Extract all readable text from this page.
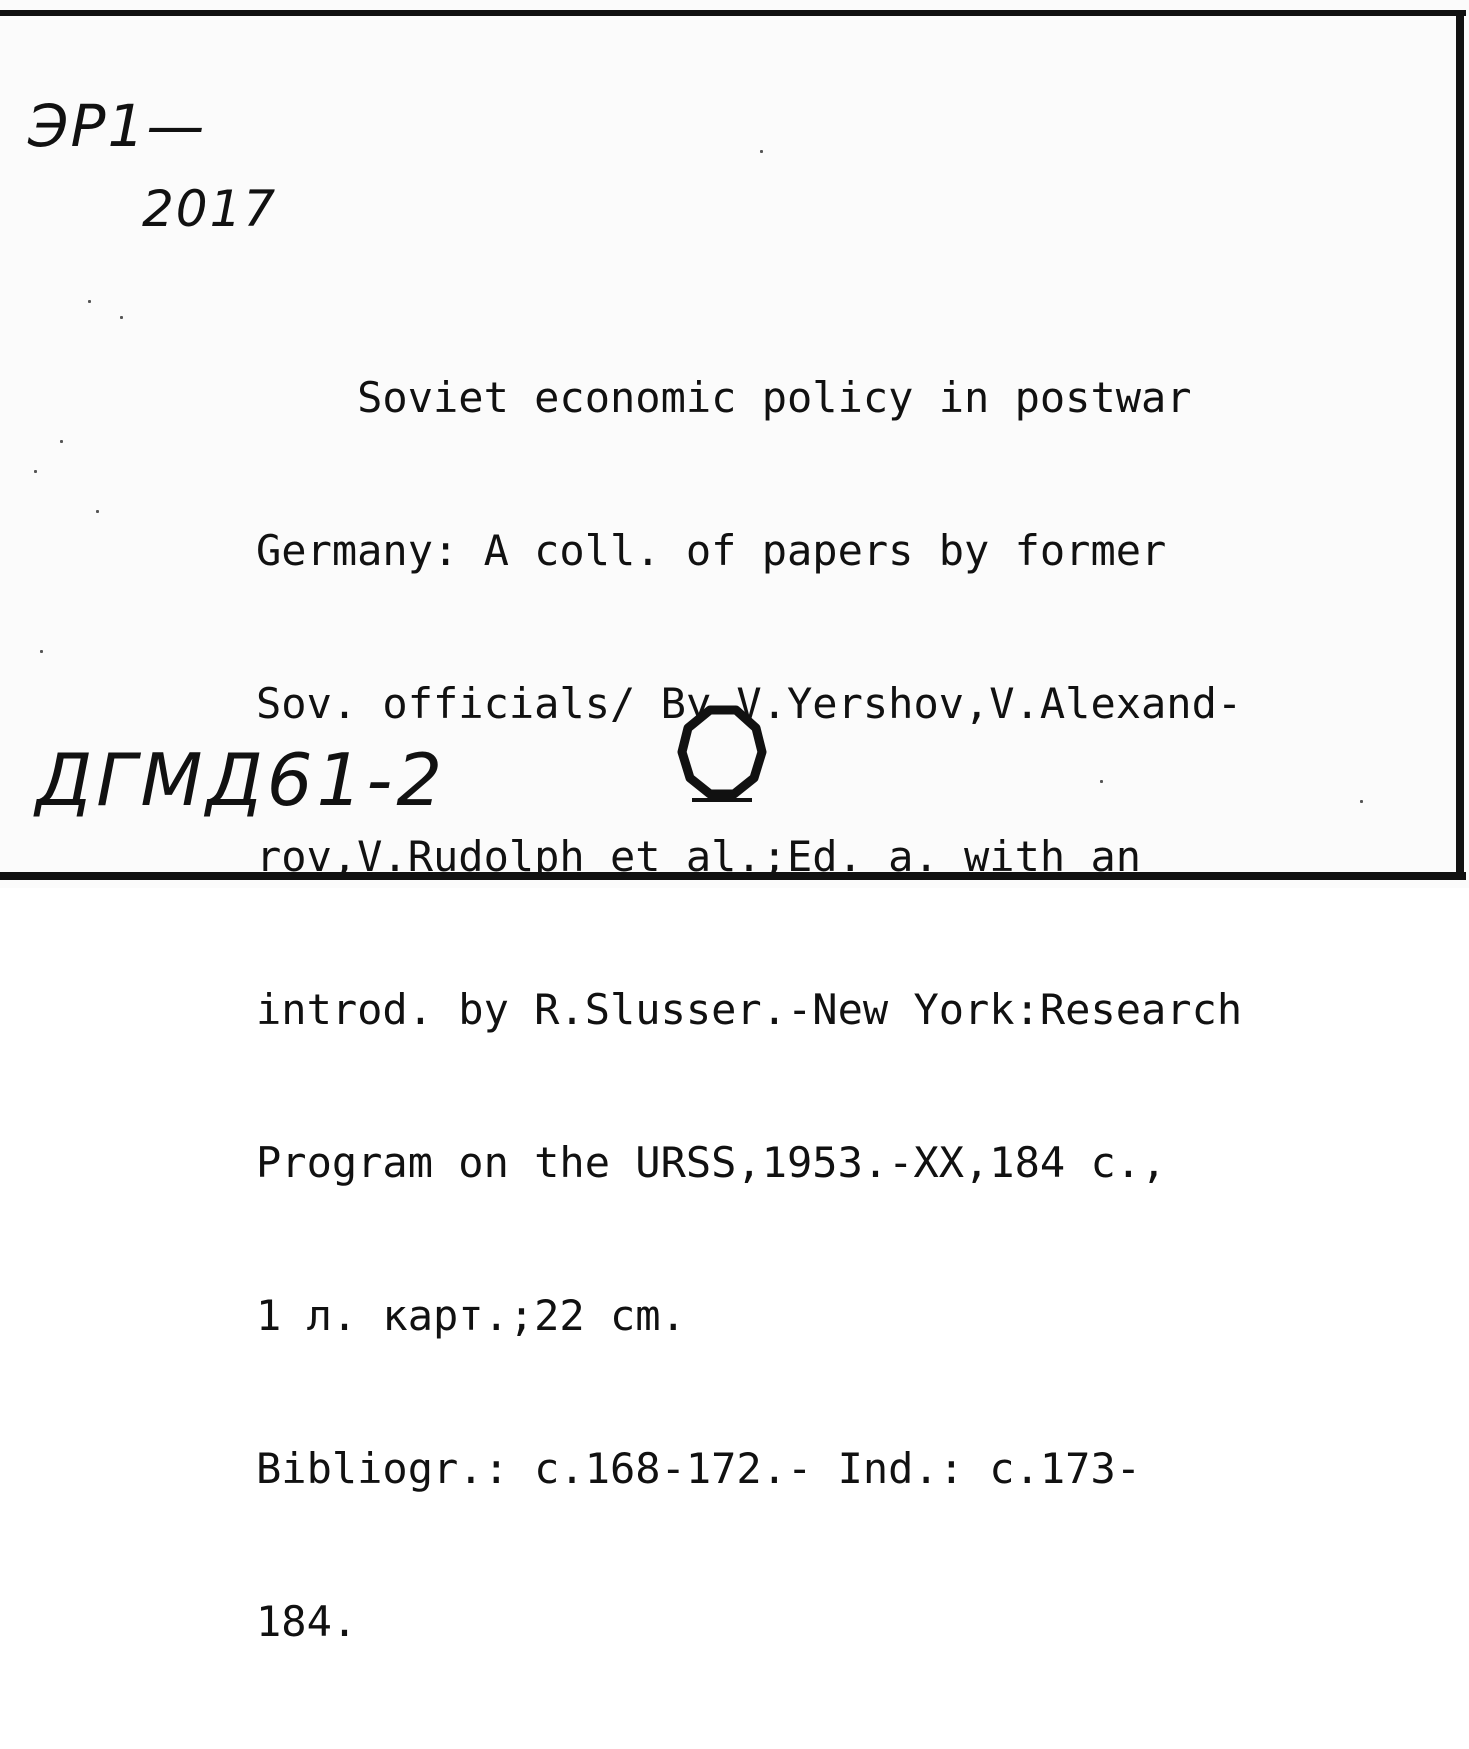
ЭР1—
2017

Soviet economic policy in postwar

Germany: A coll. of papers by former

Sov. officials/ By V.Yershov,V.Alexand-

rov,V.Rudolph et al.;Ed. a. with an

introd. by R.Slusser.-New York:Research

Program on the URSS,1953.-XX,184 c.,

1 л. карт.;22 cm.

Bibliogr.: c.168-172.- Ind.: c.173-

184.

ДГМД61-2
